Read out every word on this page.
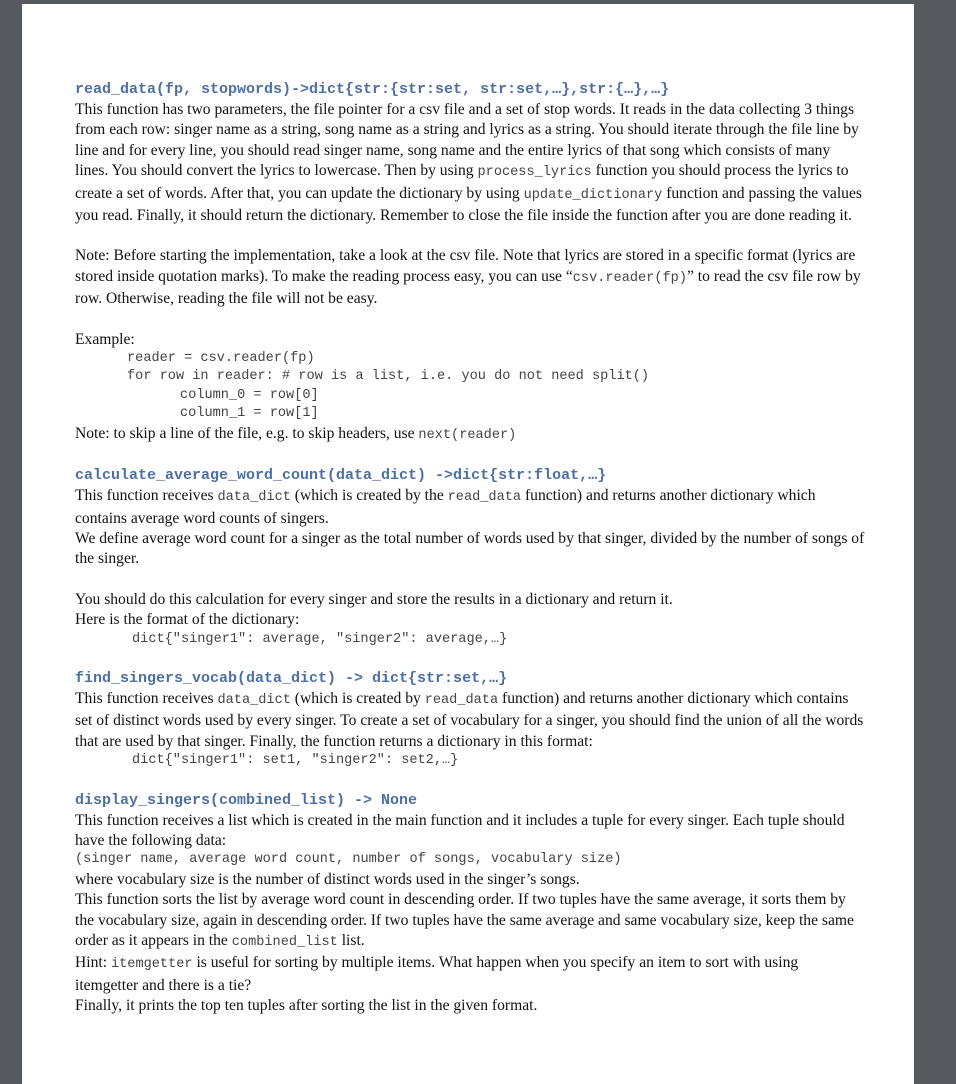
read_data(fp, stopwords)->dict{str:{str:set, str:set,…},str:{…},…}

This function has two parameters, the file pointer for a csv file and a set of stop words. It reads in the data collecting 3 things from each row: singer name as a string, song name as a string and lyrics as a string. You should iterate through the file line by line and for every line, you should read singer name, song name and the entire lyrics of that song which consists of many lines. You should convert the lyrics to lowercase. Then by using process_lyrics function you should process the lyrics to create a set of words. After that, you can update the dictionary by using update_dictionary function and passing the values you read. Finally, it should return the dictionary. Remember to close the file inside the function after you are done reading it.

Note: Before starting the implementation, take a look at the csv file. Note that lyrics are stored in a specific format (lyrics are stored inside quotation marks). To make the reading process easy, you can use “csv.reader(fp)” to read the csv file row by row. Otherwise, reading the file will not be easy.

Example:

reader = csv.reader(fp)
for row in reader: # row is a list, i.e. you do not need split()
column_0 = row[0]
column_1 = row[1]

Note: to skip a line of the file, e.g. to skip headers, use next(reader)

calculate_average_word_count(data_dict) ->dict{str:float,…}

This function receives data_dict (which is created by the read_data function) and returns another dictionary which contains average word counts of singers.

We define average word count for a singer as the total number of words used by that singer, divided by the number of songs of the singer.

You should do this calculation for every singer and store the results in a dictionary and return it.

Here is the format of the dictionary:

dict{"singer1": average, "singer2": average,…}
find_singers_vocab(data_dict) -> dict{str:set,…}

This function receives data_dict (which is created by read_data function) and returns another dictionary which contains set of distinct words used by every singer. To create a set of vocabulary for a singer, you should find the union of all the words that are used by that singer. Finally, the function returns a dictionary in this format:

dict{"singer1": set1, "singer2": set2,…}
display_singers(combined_list) -> None

This function receives a list which is created in the main function and it includes a tuple for every singer. Each tuple should have the following data:

(singer name, average word count, number of songs, vocabulary size)

where vocabulary size is the number of distinct words used in the singer’s songs.

This function sorts the list by average word count in descending order. If two tuples have the same average, it sorts them by the vocabulary size, again in descending order. If two tuples have the same average and same vocabulary size, keep the same order as it appears in the combined_list list.

Hint: itemgetter is useful for sorting by multiple items. What happen when you specify an item to sort with using itemgetter and there is a tie?

Finally, it prints the top ten tuples after sorting the list in the given format.
